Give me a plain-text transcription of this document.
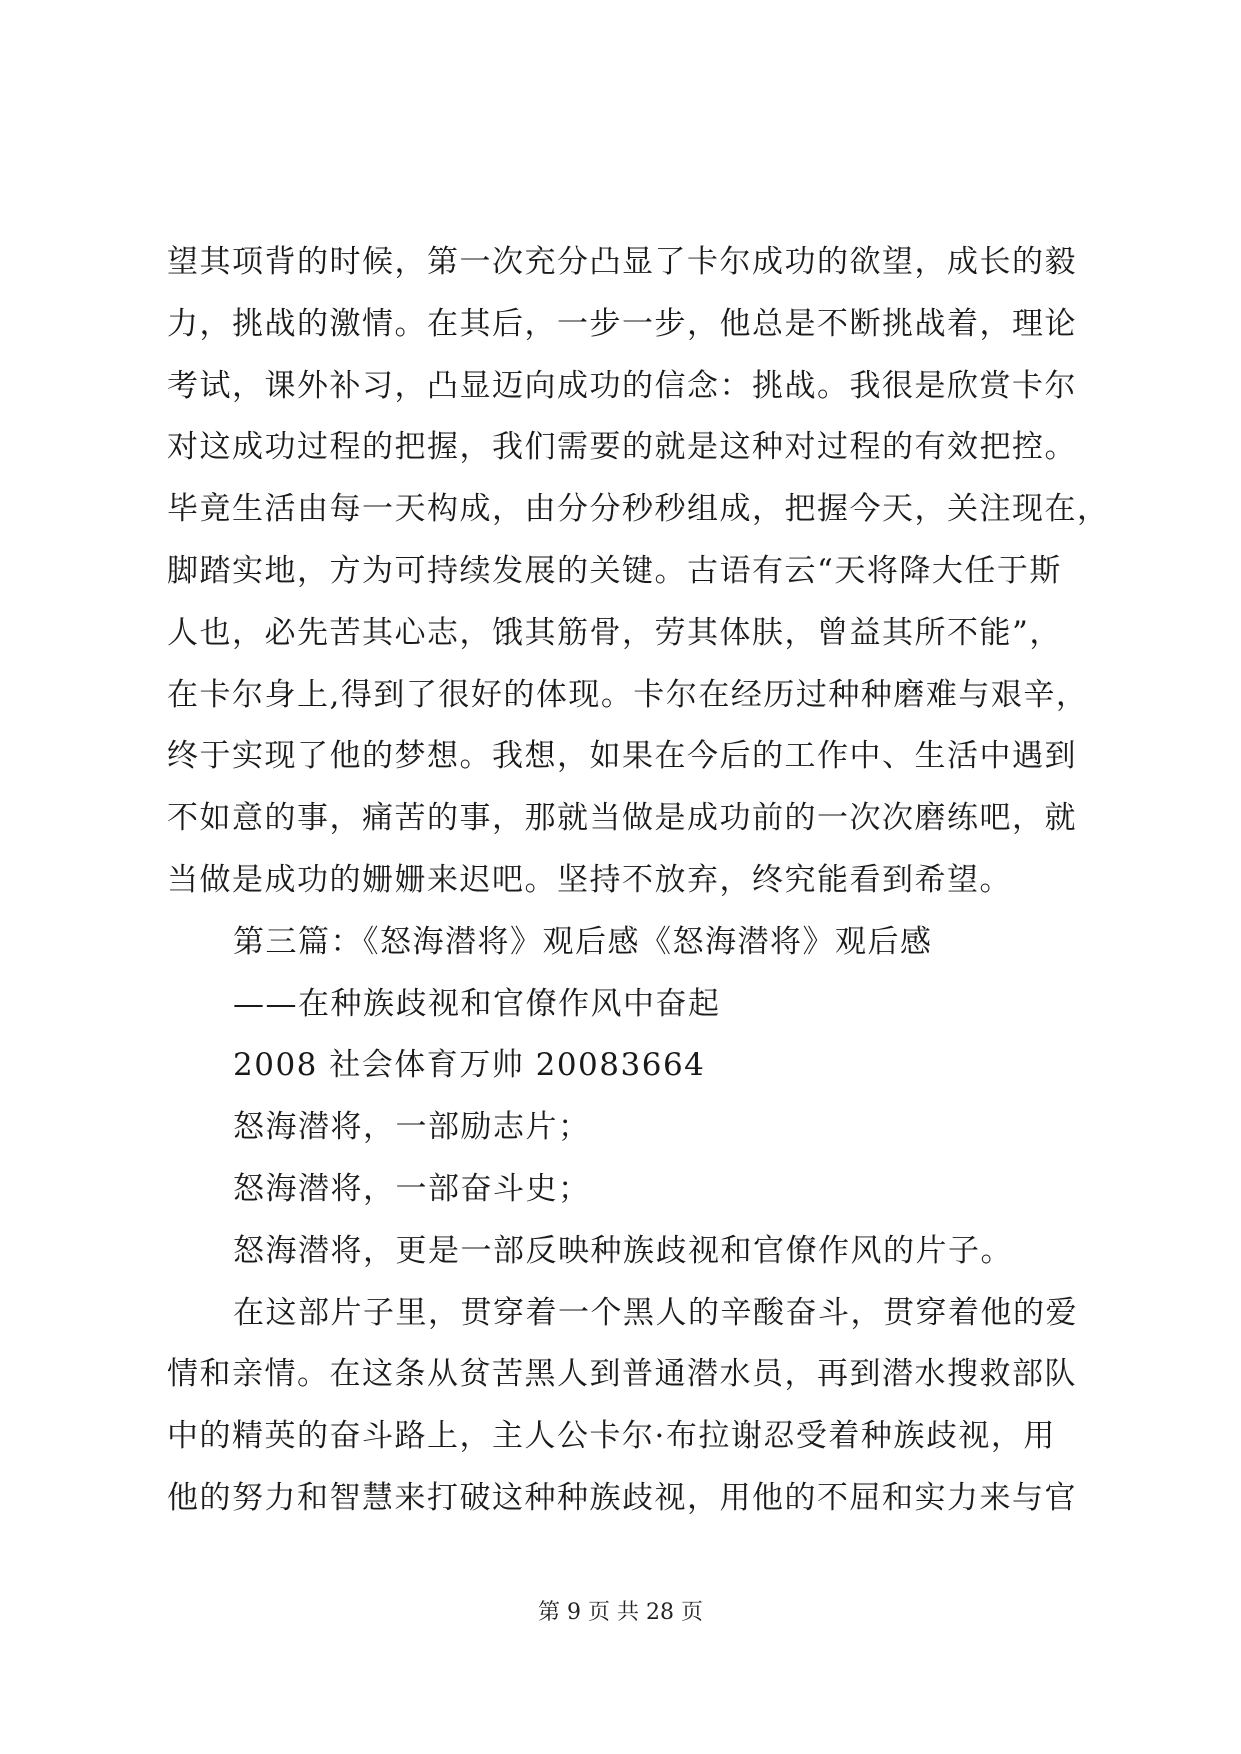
望其项背的时候，第一次充分凸显了卡尔成功的欲望，成长的毅
力，挑战的激情。在其后，一步一步，他总是不断挑战着，理论
考试，课外补习，凸显迈向成功的信念：挑战。我很是欣赏卡尔
对这成功过程的把握，我们需要的就是这种对过程的有效把控。
毕竟生活由每一天构成，由分分秒秒组成，把握今天，关注现在，
脚踏实地，方为可持续发展的关键。古语有云“天将降大任于斯
人也，必先苦其心志，饿其筋骨，劳其体肤，曾益其所不能”，
在卡尔身上,得到了很好的体现。卡尔在经历过种种磨难与艰辛，
终于实现了他的梦想。我想，如果在今后的工作中、生活中遇到
不如意的事，痛苦的事，那就当做是成功前的一次次磨练吧，就
当做是成功的姗姗来迟吧。坚持不放弃，终究能看到希望。
第三篇：《怒海潜将》观后感《怒海潜将》观后感
——在种族歧视和官僚作风中奋起
2008 社会体育万帅 20083664
怒海潜将，一部励志片；
怒海潜将，一部奋斗史；
怒海潜将，更是一部反映种族歧视和官僚作风的片子。
在这部片子里，贯穿着一个黑人的辛酸奋斗，贯穿着他的爱
情和亲情。在这条从贫苦黑人到普通潜水员，再到潜水搜救部队
中的精英的奋斗路上，主人公卡尔·布拉谢忍受着种族歧视，用
他的努力和智慧来打破这种种族歧视，用他的不屈和实力来与官
第 9 页 共 28 页
